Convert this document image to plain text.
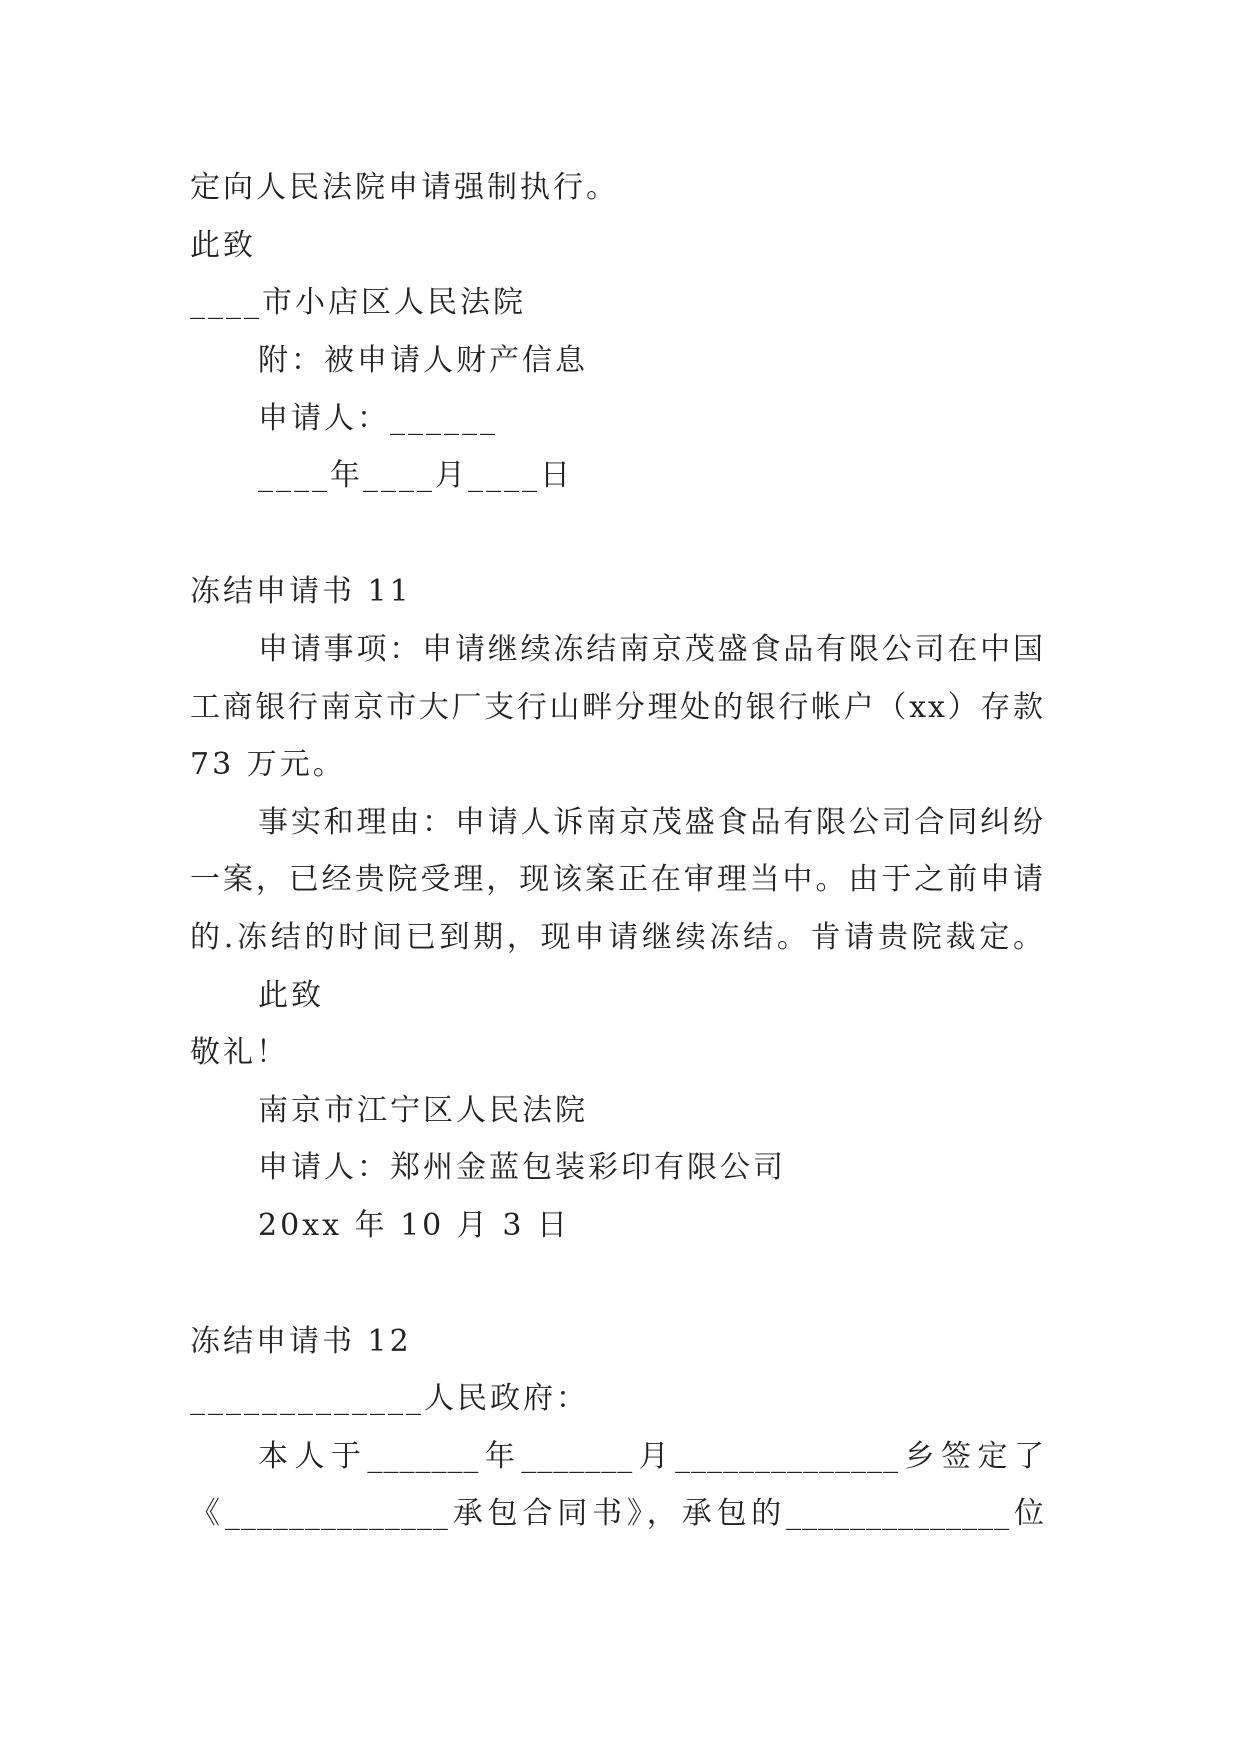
定向人民法院申请强制执行。
此致
____市小店区人民法院
附：被申请人财产信息
申请人：______
____年____月____日
冻结申请书 11
申请事项：申请继续冻结南京茂盛食品有限公司在中国
工商银行南京市大厂支行山畔分理处的银行帐户（xx）存款
73 万元。
事实和理由：申请人诉南京茂盛食品有限公司合同纠纷
一案，已经贵院受理，现该案正在审理当中。由于之前申请
的.冻结的时间已到期，现申请继续冻结。肯请贵院裁定。
此致
敬礼！
南京市江宁区人民法院
申请人：郑州金蓝包装彩印有限公司
20xx 年 10 月 3 日
冻结申请书 12
_____________人民政府：
本人于_______年_______月______________乡签定了
《______________承包合同书》，承包的______________位
